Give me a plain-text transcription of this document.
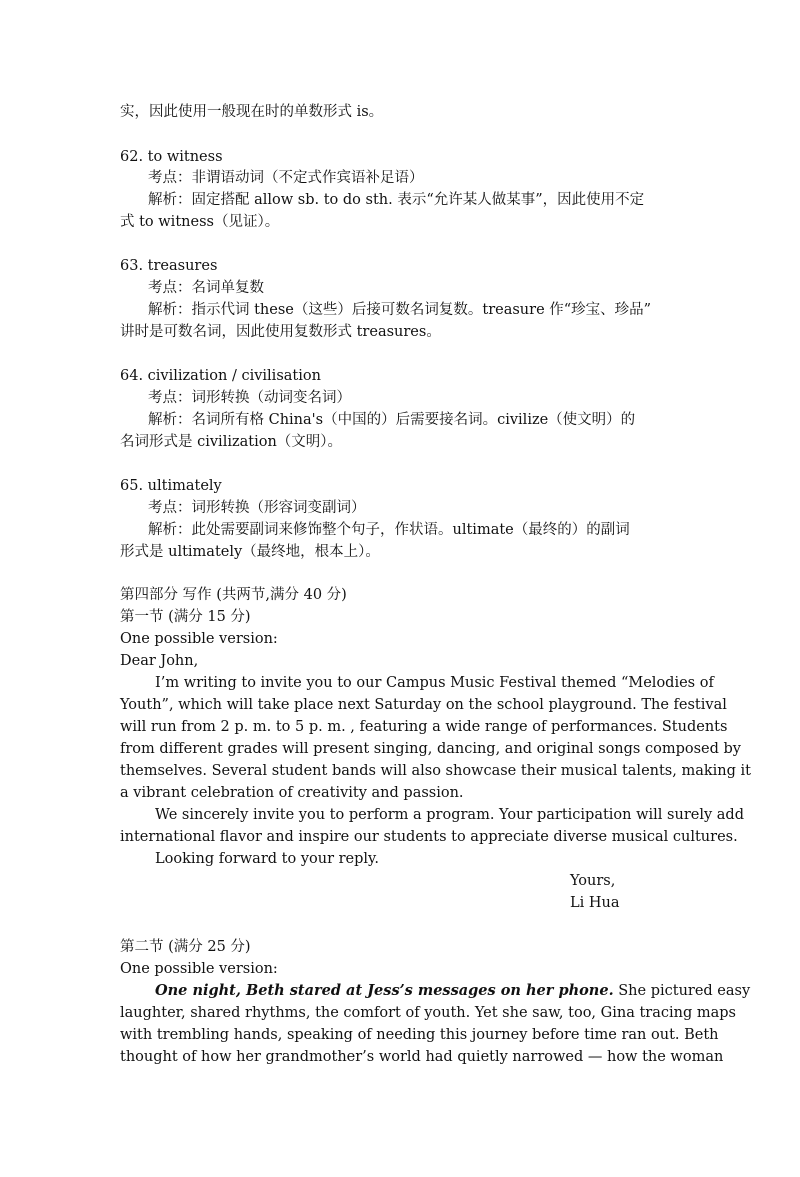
实，因此使用一般现在时的单数形式 is。
62. to witness
考点：非谓语动词（不定式作宾语补足语）
解析：固定搭配 allow sb. to do sth. 表示“允许某人做某事”，因此使用不定
式 to witness（见证）。
63. treasures
考点：名词单复数
解析：指示代词 these（这些）后接可数名词复数。treasure 作“珍宝、珍品”
讲时是可数名词，因此使用复数形式 treasures。
64. civilization / civilisation
考点：词形转换（动词变名词）
解析：名词所有格 China's（中国的）后需要接名词。civilize（使文明）的
名词形式是 civilization（文明）。
65. ultimately
考点：词形转换（形容词变副词）
解析：此处需要副词来修饰整个句子，作状语。ultimate（最终的）的副词
形式是 ultimately（最终地，根本上）。
第四部分 写作 (共两节,满分 40 分)
第一节 (满分 15 分)
One possible version:
Dear John,
I’m writing to invite you to our Campus Music Festival themed “Melodies of
Youth”, which will take place next Saturday on the school playground. The festival
will run from 2 p. m. to 5 p. m. , featuring a wide range of performances. Students
from different grades will present singing, dancing, and original songs composed by
themselves. Several student bands will also showcase their musical talents, making it
a vibrant celebration of creativity and passion.
We sincerely invite you to perform a program. Your participation will surely add
international flavor and inspire our students to appreciate diverse musical cultures.
Looking forward to your reply.
Yours,
Li Hua
第二节 (满分 25 分)
One possible version:
One night, Beth stared at Jess’s messages on her phone. She pictured easy
laughter, shared rhythms, the comfort of youth. Yet she saw, too, Gina tracing maps
with trembling hands, speaking of needing this journey before time ran out. Beth
thought of how her grandmother’s world had quietly narrowed — how the woman
